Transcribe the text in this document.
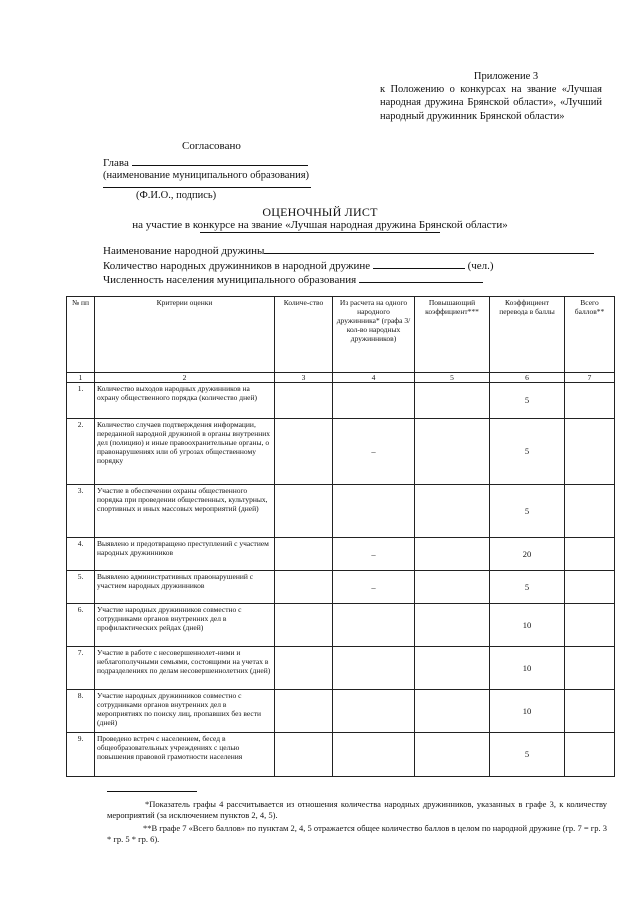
Приложение 3
к Положению о конкурсах на звание «Лучшая народная дружина Брянской области», «Лучший народный дружинник Брянской области»
Согласовано
Глава
(наименование муниципального образования)
(Ф.И.О., подпись)
ОЦЕНОЧНЫЙ ЛИСТ
на участие в конкурсе на звание «Лучшая народная дружина Брянской области»
Наименование народной дружины
Количество народных дружинников в народной дружине	(чел.)
Численность населения муниципального образования
№ пп	Критерии оценки	Количе-ство	Из расчета на одного народного дружинника* (графа 3/кол-во народных дружинников)	Повышающий коэффициент***	Коэффициент перевода в баллы	Всего баллов**
1	2	3	4	5	6	7
1.	Количество выходов народных дружинников на охрану общественного порядка (количество дней)				5	
2.	Количество случаев подтверждения информации, переданной народной дружиной в органы внутренних дел (полицию) и иные правоохранительные органы, о правонарушениях или об угрозах общественному порядку		–		5	
3.	Участие в обеспечении охраны общественного порядка при проведении общественных, культурных, спортивных и иных массовых мероприятий (дней)				5	
4.	Выявлено и предотвращено преступлений с участием народных дружинников		–		20	
5.	Выявлено административных правонарушений с участием народных дружинников		–		5	
6.	Участие народных дружинников совместно с сотрудниками органов внутренних дел в профилактических рейдах (дней)				10	
7.	Участие в работе с несовершеннолет-ними и неблагополучными семьями, состоящими на учетах в подразделениях по делам несовершеннолетних (дней)				10	
8.	Участие народных дружинников совместно с сотрудниками органов внутренних дел в мероприятиях по поиску лиц, пропавших без вести (дней)				10	
9.	Проведено встреч с населением, бесед в общеобразовательных учреждениях с целью повышения правовой грамотности населения				5	
*Показатель графы 4 рассчитывается из отношения количества народных дружинников, указанных в графе 3, к количеству мероприятий (за исключением пунктов 2, 4, 5).
**В графе 7 «Всего баллов» по пунктам 2, 4, 5 отражается общее количество баллов в целом по народной дружине (гр. 7 = гр. 3 * гр. 5 * гр. 6).
